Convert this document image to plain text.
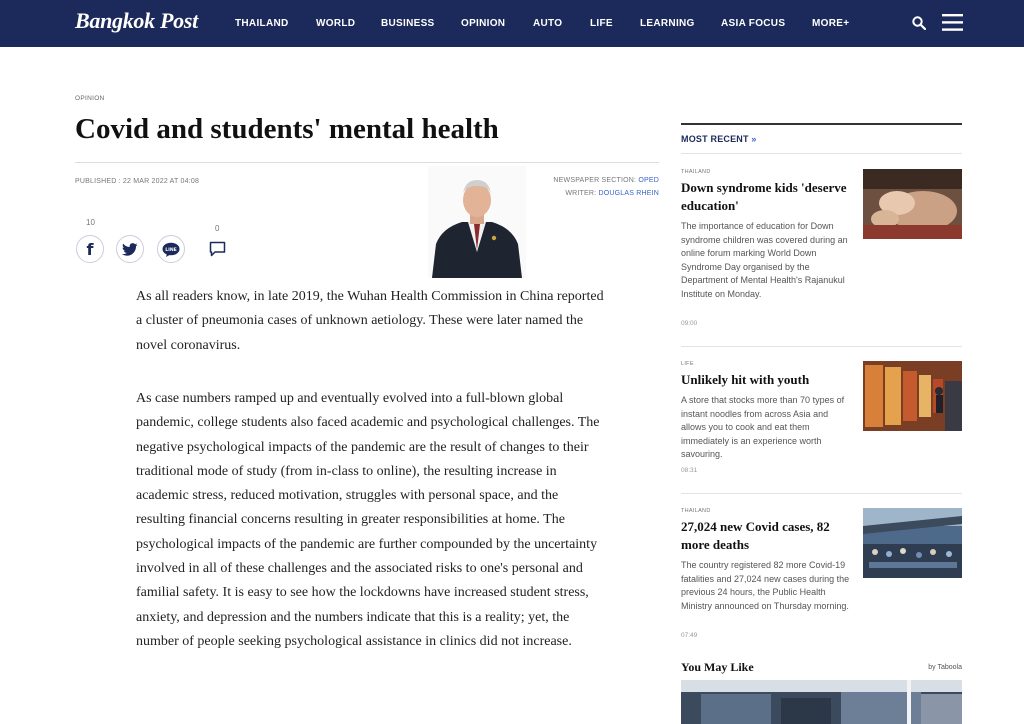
Bangkok Post	THAILAND	WORLD	BUSINESS	OPINION	AUTO	LIFE	LEARNING	ASIA FOCUS	MORE+
OPINION
Covid and students' mental health
PUBLISHED : 22 MAR 2022 AT 04:08	NEWSPAPER SECTION: OPED
WRITER: DOUGLAS RHEIN
10
0
f	LINE

As all readers know, in late 2019, the Wuhan Health Commission in China reported a cluster of pneumonia cases of unknown aetiology. These were later named the novel coronavirus.

As case numbers ramped up and eventually evolved into a full-blown global pandemic, college students also faced academic and psychological challenges. The negative psychological impacts of the pandemic are the result of changes to their traditional mode of study (from in-class to online), the resulting increase in academic stress, reduced motivation, struggles with personal space, and the resulting financial concerns resulting in greater responsibilities at home. The psychological impacts of the pandemic are further compounded by the uncertainty involved in all of these challenges and the associated risks to one's personal and familial safety. It is easy to see how the lockdowns have increased student stress, anxiety, and depression and the numbers indicate that this is a reality; yet, the number of people seeking psychological assistance in clinics did not increase.

MOST RECENT »
THAILAND
Down syndrome kids 'deserve education'
The importance of education for Down syndrome children was covered during an online forum marking World Down Syndrome Day organised by the Department of Mental Health's Rajanukul Institute on Monday.
09:00
LIFE
Unlikely hit with youth
A store that stocks more than 70 types of instant noodles from across Asia and allows you to cook and eat them immediately is an experience worth savouring.
08:31
THAILAND
27,024 new Covid cases, 82 more deaths
The country registered 82 more Covid-19 fatalities and 27,024 new cases during the previous 24 hours, the Public Health Ministry announced on Thursday morning.
07:49
You May Like	by Taboola
